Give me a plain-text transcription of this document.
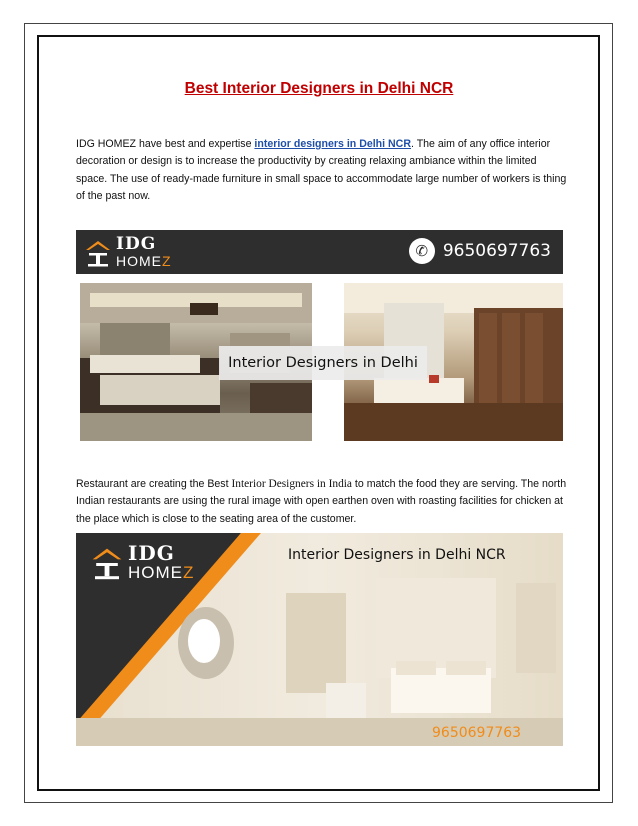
Best Interior Designers in Delhi NCR
IDG HOMEZ have best and expertise interior designers in Delhi NCR. The aim of any office interior decoration or design is to increase the productivity by creating relaxing ambiance within the limited space. The use of ready-made furniture in small space to accommodate large number of workers is thing of the past now.
IDG
HOMEZ
✆ 9650697763
Interior Designers in Delhi
Restaurant are creating the Best Interior Designers in India to match the food they are serving. The north Indian restaurants are using the rural image with open earthen oven with roasting facilities for chicken at the place which is close to the seating area of the customer.
IDG
HOMEZ
Interior Designers in Delhi NCR
9650697763
